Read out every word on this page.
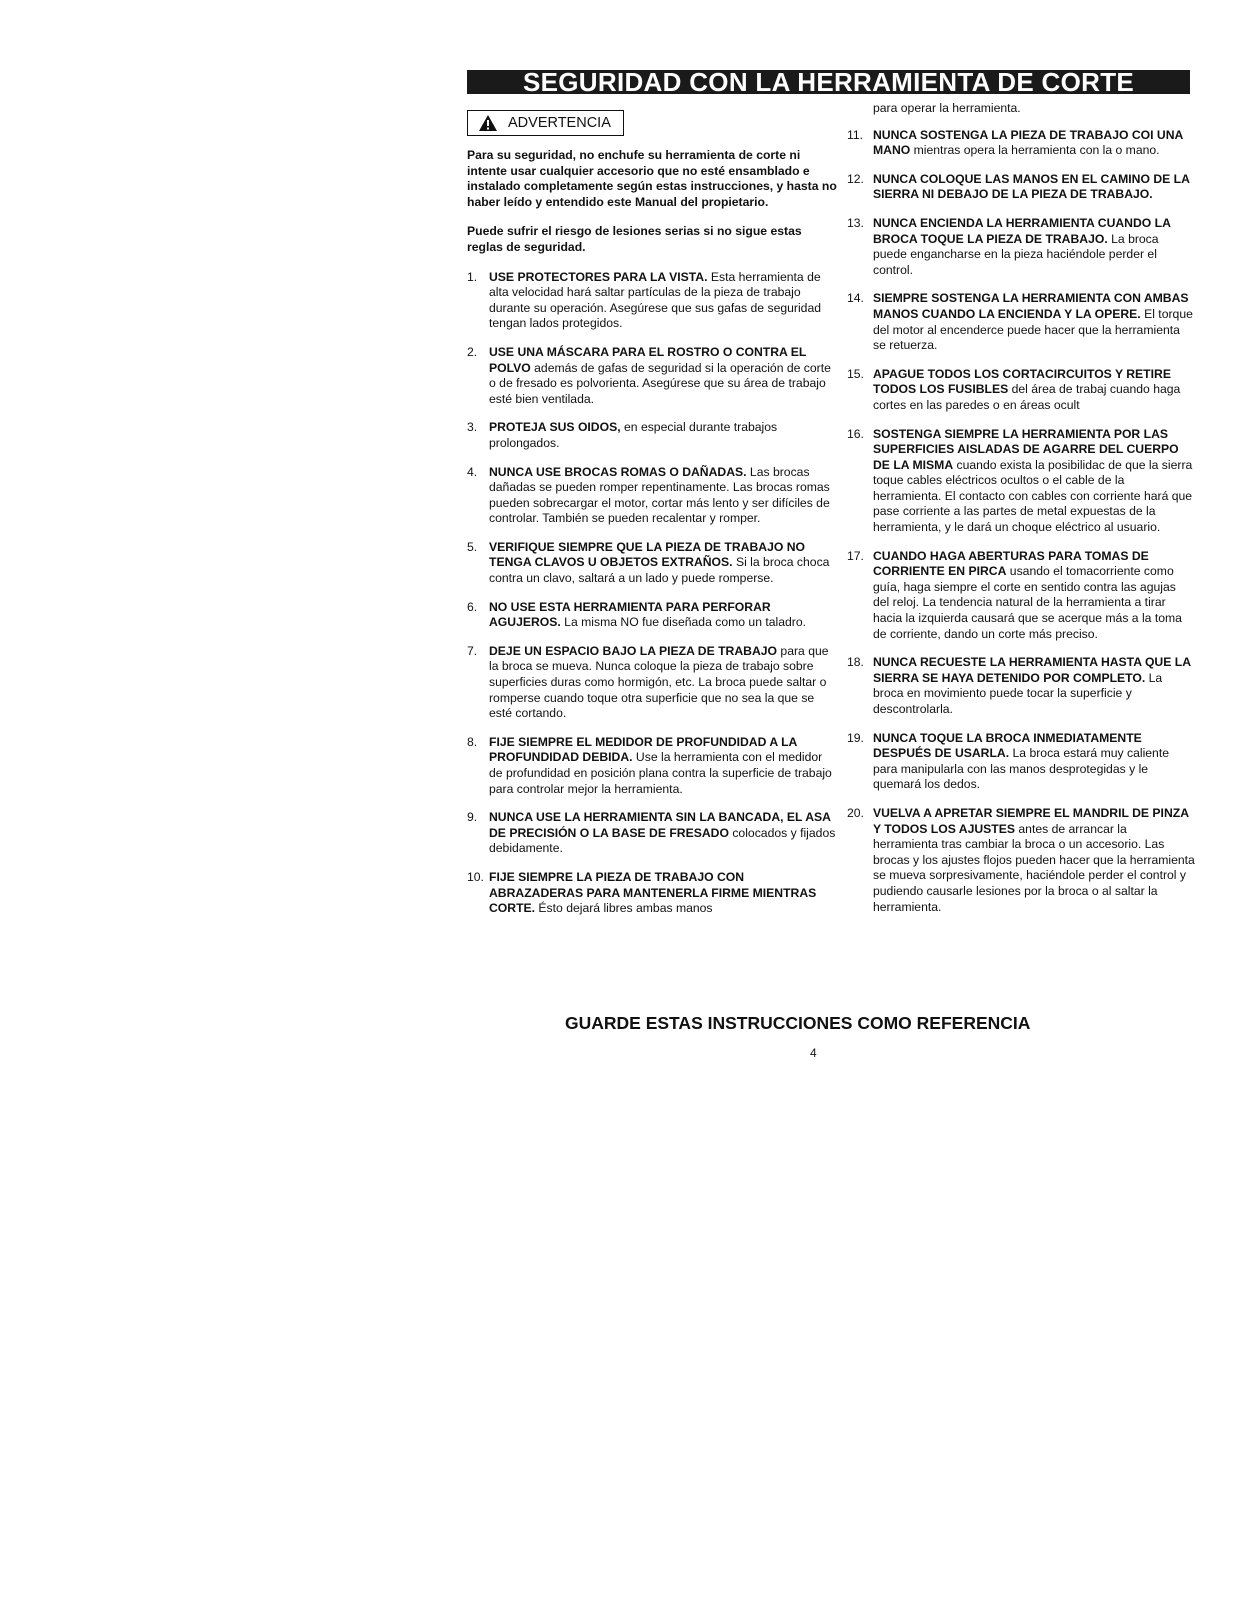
SEGURIDAD CON LA HERRAMIENTA DE CORTE
ADVERTENCIA

Para su seguridad, no enchufe su herramienta de corte ni intente usar cualquier accesorio que no esté ensamblado e instalado completamente según estas instrucciones, y hasta no haber leído y entendido este Manual del propietario.

Puede sufrir el riesgo de lesiones serias si no sigue estas reglas de seguridad.

1. USE PROTECTORES PARA LA VISTA. Esta herramienta de alta velocidad hará saltar partículas de la pieza de trabajo durante su operación. Asegúrese que sus gafas de seguridad tengan lados protegidos.
2. USE UNA MÁSCARA PARA EL ROSTRO O CONTRA EL POLVO además de gafas de seguridad si la operación de corte o de fresado es polvorienta. Asegúrese que su área de trabajo esté bien ventilada.
3. PROTEJA SUS OIDOS, en especial durante trabajos prolongados.
4. NUNCA USE BROCAS ROMAS O DAÑADAS. Las brocas dañadas se pueden romper repentinamente. Las brocas romas pueden sobrecargar el motor, cortar más lento y ser difíciles de controlar. También se pueden recalentar y romper.
5. VERIFIQUE SIEMPRE QUE LA PIEZA DE TRABAJO NO TENGA CLAVOS U OBJETOS EXTRAÑOS. Si la broca choca contra un clavo, saltará a un lado y puede romperse.
6. NO USE ESTA HERRAMIENTA PARA PERFORAR AGUJEROS. La misma NO fue diseñada como un taladro.
7. DEJE UN ESPACIO BAJO LA PIEZA DE TRABAJO para que la broca se mueva. Nunca coloque la pieza de trabajo sobre superficies duras como hormigón, etc. La broca puede saltar o romperse cuando toque otra superficie que no sea la que se esté cortando.
8. FIJE SIEMPRE EL MEDIDOR DE PROFUNDIDAD A LA PROFUNDIDAD DEBIDA. Use la herramienta con el medidor de profundidad en posición plana contra la superficie de trabajo para controlar mejor la herramienta.
9. NUNCA USE LA HERRAMIENTA SIN LA BANCADA, EL ASA DE PRECISIÓN O LA BASE DE FRESADO colocados y fijados debidamente.
10. FIJE SIEMPRE LA PIEZA DE TRABAJO CON ABRAZADERAS PARA MANTENERLA FIRME MIENTRAS CORTE. Ésto dejará libres ambas manos

para operar la herramienta.

11. NUNCA SOSTENGA LA PIEZA DE TRABAJO COI UNA MANO mientras opera la herramienta con la o mano.
12. NUNCA COLOQUE LAS MANOS EN EL CAMINO DE LA SIERRA NI DEBAJO DE LA PIEZA DE TRABAJO.
13. NUNCA ENCIENDA LA HERRAMIENTA CUANDO LA BROCA TOQUE LA PIEZA DE TRABAJO. La broca puede engancharse en la pieza haciéndole perder el control.
14. SIEMPRE SOSTENGA LA HERRAMIENTA CON AMBAS MANOS CUANDO LA ENCIENDA Y LA OPERE. El torque del motor al encenderce puede hacer que la herramienta se retuerza.
15. APAGUE TODOS LOS CORTACIRCUITOS Y RETIRE TODOS LOS FUSIBLES del área de trabaj cuando haga cortes en las paredes o en áreas ocult
16. SOSTENGA SIEMPRE LA HERRAMIENTA POR LAS SUPERFICIES AISLADAS DE AGARRE DEL CUERPO DE LA MISMA cuando exista la posibilidac de que la sierra toque cables eléctricos ocultos o el cable de la herramienta. El contacto con cables con corriente hará que pase corriente a las partes de metal expuestas de la herramienta, y le dará un choque eléctrico al usuario.
17. CUANDO HAGA ABERTURAS PARA TOMAS DE CORRIENTE EN PIRCA usando el tomacorriente como guía, haga siempre el corte en sentido contra las agujas del reloj. La tendencia natural de la herramienta a tirar hacia la izquierda causará que se acerque más a la toma de corriente, dando un corte más preciso.
18. NUNCA RECUESTE LA HERRAMIENTA HASTA QUE LA SIERRA SE HAYA DETENIDO POR COMPLETO. La broca en movimiento puede tocar la superficie y descontrolarla.
19. NUNCA TOQUE LA BROCA INMEDIATAMENTE DESPUÉS DE USARLA. La broca estará muy caliente para manipularla con las manos desprotegidas y le quemará los dedos.
20. VUELVA A APRETAR SIEMPRE EL MANDRIL DE PINZA Y TODOS LOS AJUSTES antes de arrancar la herramienta tras cambiar la broca o un accesorio. Las brocas y los ajustes flojos pueden hacer que la herramienta se mueva sorpresivamente, haciéndole perder el control y pudiendo causarle lesiones por la broca o al saltar la herramienta.
GUARDE ESTAS INSTRUCCIONES COMO REFERENCIA
4
